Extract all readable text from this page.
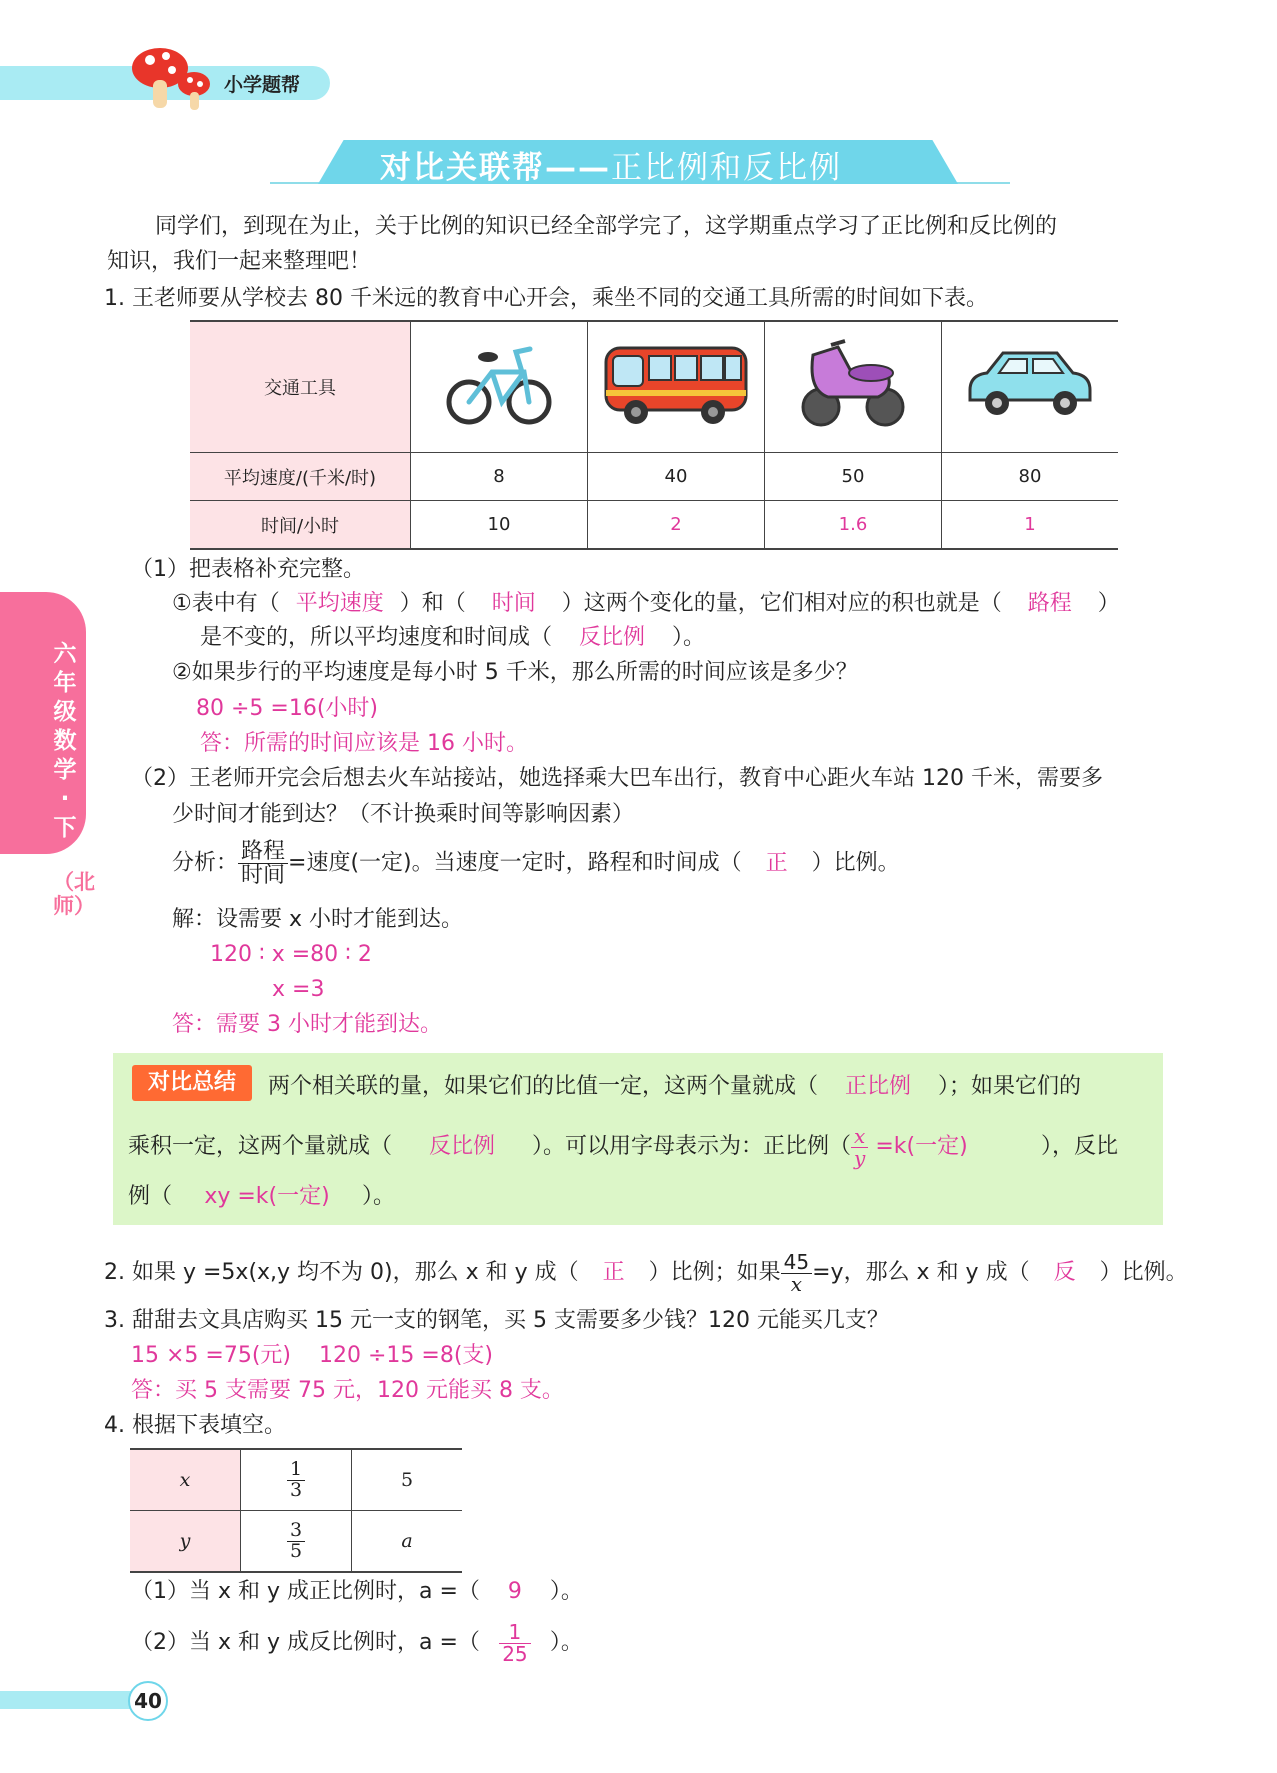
小学题帮
对比关联帮——正比例和反比例
六年级数学·下
（北师）
同学们，到现在为止，关于比例的知识已经全部学完了，这学期重点学习了正比例和反比例的
知识，我们一起来整理吧！
1. 王老师要从学校去 80 千米远的教育中心开会，乘坐不同的交通工具所需的时间如下表。
交通工具				
平均速度/(千米/时)	8	40	50	80
时间/小时	10	2	1.6	1
（1）把表格补充完整。
①表中有（ 平均速度 ）和（ 时间 ）这两个变化的量，它们相对应的积也就是（ 路程 ）
是不变的，所以平均速度和时间成（ 反比例 ）。
②如果步行的平均速度是每小时 5 千米，那么所需的时间应该是多少？
80 ÷5 =16(小时)
答：所需的时间应该是 16 小时。
（2）王老师开完会后想去火车站接站，她选择乘大巴车出行，教育中心距火车站 120 千米，需要多
少时间才能到达？（不计换乘时间等影响因素）
分析： $\frac{\text{路程}}{\text{时间}}$ =速度(一定)。当速度一定时，路程和时间成（ 正 ）比例。
解：设需要 x 小时才能到达。
120 ∶ x =80 ∶ 2
x =3
答：需要 3 小时才能到达。
对比总结	两个相关联的量，如果它们的比值一定，这两个量就成（ 正比例 ）；如果它们的
乘积一定，这两个量就成（ 反比例 ）。可以用字母表示为：正比例（ $\frac{x}{y} =k$(一定)	），反比
例（ xy =k(一定) ）。
2. 如果 y =5x(x,y 均不为 0)，那么 x 和 y 成（ 正 ）比例；如果 $\frac{45}{x} =y$，那么 x 和 y 成（ 反 ）比例。
3. 甜甜去文具店购买 15 元一支的钢笔，买 5 支需要多少钱？120 元能买几支？
15 ×5 =75(元)    120 ÷15 =8(支)
答：买 5 支需要 75 元，120 元能买 8 支。
4. 根据下表填空。
x	$\frac{1}{3}$	5
y	$\frac{3}{5}$	a
（1）当 x 和 y 成正比例时，a =（ 9 ）。
（2）当 x 和 y 成反比例时，a =（ $\frac{1}{25}$ ）。
40
